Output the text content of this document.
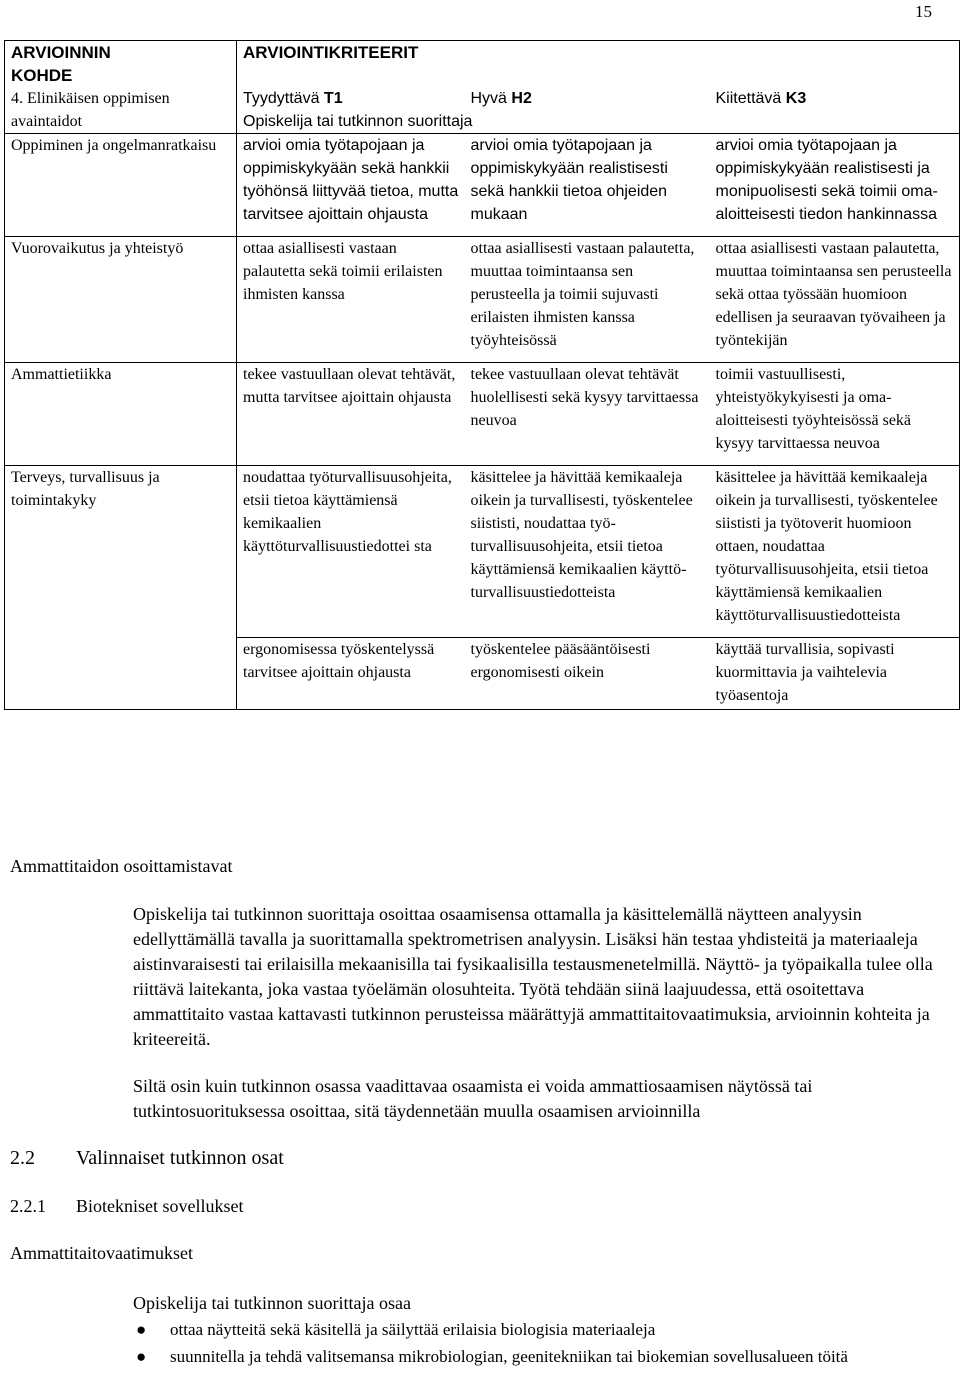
15
ARVIOINNIN
KOHDE	ARVIOINTIKRITEERIT		
4. Elinikäisen oppimisen avaintaidot	Tyydyttävä T1	Hyvä H2	Kiitettävä K3
	Opiskelija tai tutkinnon suorittaja		
Oppiminen ja ongelmanratkaisu	arvioi omia työtapojaan ja oppimiskykyään sekä hankkii työhönsä liittyvää tietoa, mutta tarvitsee ajoittain ohjausta	arvioi omia työtapojaan ja oppimiskykyään realistisesti sekä hankkii tietoa ohjeiden mukaan	arvioi omia työtapojaan ja oppimiskykyään realistisesti ja monipuolisesti sekä toimii oma-aloitteisesti tiedon hankinnassa
Vuorovaikutus ja yhteistyö	ottaa asiallisesti vastaan palautetta sekä toimii erilaisten ihmisten kanssa	ottaa asiallisesti vastaan palautetta, muuttaa toimintaansa sen perusteella ja toimii sujuvasti erilaisten ihmisten kanssa työyhteisössä	ottaa asiallisesti vastaan palautetta, muuttaa toimintaansa sen perusteella sekä ottaa työssään huomioon edellisen ja seuraavan työvaiheen ja työntekijän
Ammattietiikka	tekee vastuullaan olevat tehtävät, mutta tarvitsee ajoittain ohjausta	tekee vastuullaan olevat tehtävät huolellisesti sekä kysyy tarvittaessa neuvoa	toimii vastuullisesti, yhteistyökykyisesti ja oma-aloitteisesti työyhteisössä sekä kysyy tarvittaessa neuvoa
Terveys, turvallisuus ja toimintakyky	noudattaa työturvallisuusohjeita, etsii tietoa käyttämiensä kemikaalien käyttöturvallisuustiedottei sta	käsittelee ja hävittää kemikaaleja oikein ja turvallisesti, työskentelee siististi, noudattaa työ-turvallisuusohjeita, etsii tietoa käyttämiensä kemikaalien käyttö-turvallisuustiedotteista	käsittelee ja hävittää kemikaaleja oikein ja turvallisesti, työskentelee siististi ja työtoverit huomioon ottaen, noudattaa työturvallisuusohjeita, etsii tietoa käyttämiensä kemikaalien käyttöturvallisuustiedotteista
	ergonomisessa työskentelyssä tarvitsee ajoittain ohjausta	työskentelee pääsääntöisesti ergonomisesti oikein	käyttää turvallisia, sopivasti kuormittavia ja vaihtelevia työasentoja
Ammattitaidon osoittamistavat

Opiskelija tai tutkinnon suorittaja osoittaa osaamisensa ottamalla ja käsittelemällä näytteen analyysin edellyttämällä tavalla ja suorittamalla spektrometrisen analyysin. Lisäksi hän testaa yhdisteitä ja materiaaleja aistinvaraisesti tai erilaisilla mekaanisilla tai fysikaalisilla testausmenetelmillä. Näyttö- ja työpaikalla tulee olla riittävä laitekanta, joka vastaa työelämän olosuhteita. Työtä tehdään siinä laajuudessa, että osoitettava ammattitaito vastaa kattavasti tutkinnon perusteissa määrättyjä ammattitaitovaatimuksia, arvioinnin kohteita ja kriteereitä.

Siltä osin kuin tutkinnon osassa vaadittavaa osaamista ei voida ammattiosaamisen näytössä tai tutkintosuorituksessa osoittaa, sitä täydennetään muulla osaamisen arvioinnilla

2.2 Valinnaiset tutkinnon osat
2.2.1 Biotekniset sovellukset
Ammattitaitovaatimukset
Opiskelija tai tutkinnon suorittaja osaa
● ottaa näytteitä sekä käsitellä ja säilyttää erilaisia biologisia materiaaleja
● suunnitella ja tehdä valitsemansa mikrobiologian, geenitekniikan tai biokemian sovellusalueen töitä
